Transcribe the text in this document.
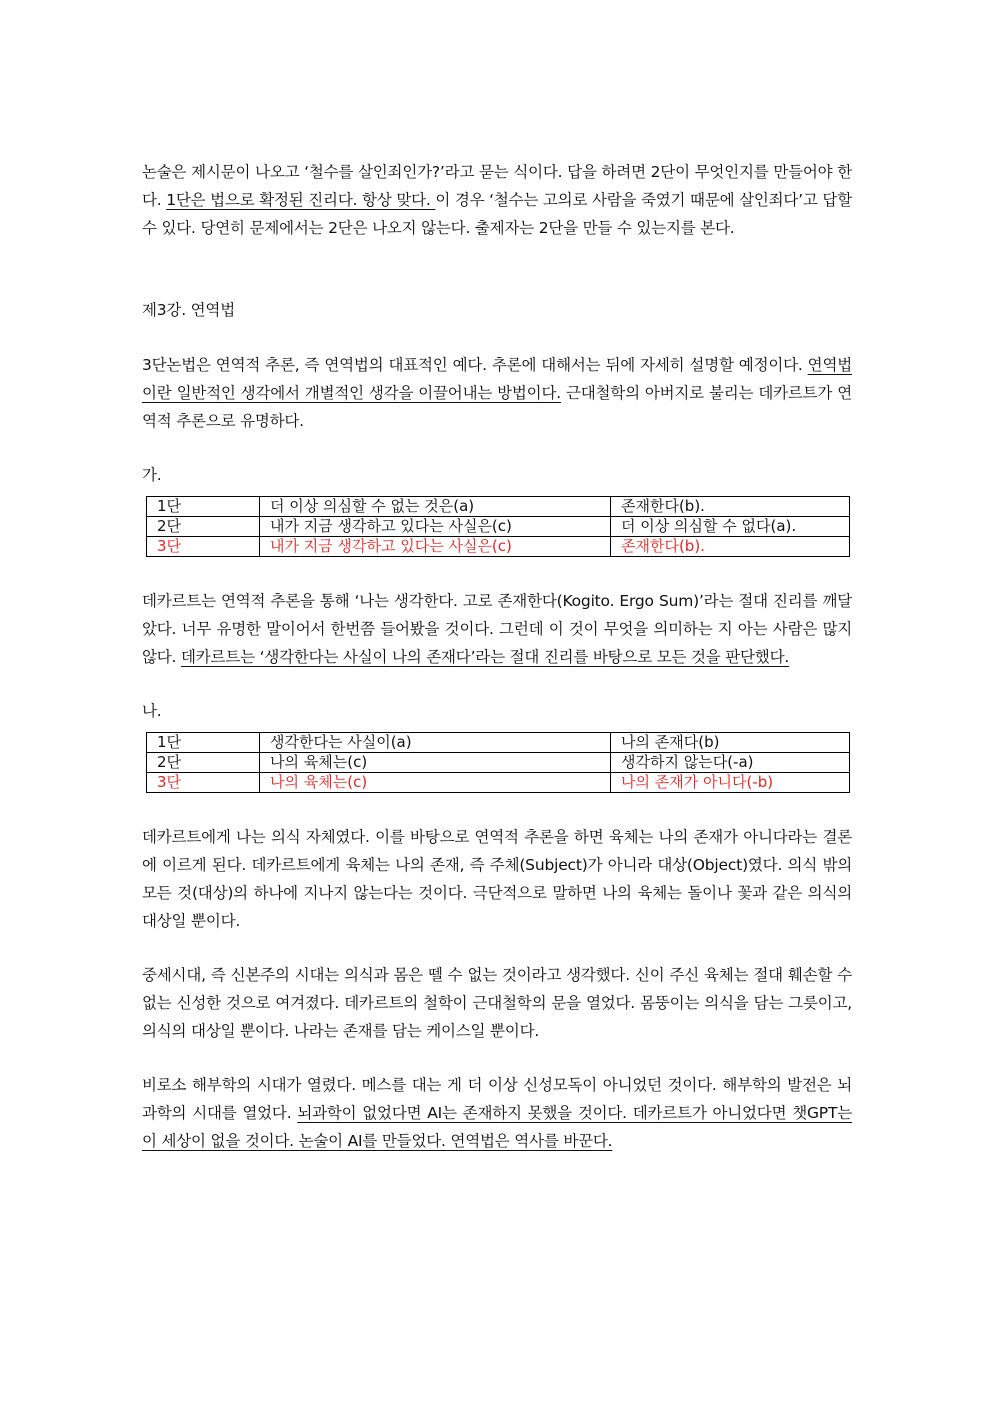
논술은 제시문이 나오고 ‘철수를 살인죄인가?’라고 묻는 식이다. 답을 하려면 2단이 무엇인지를 만들어야 한다. 1단은 법으로 확정된 진리다. 항상 맞다. 이 경우 ‘철수는 고의로 사람을 죽였기 때문에 살인죄다’고 답할 수 있다. 당연히 문제에서는 2단은 나오지 않는다. 출제자는 2단을 만들 수 있는지를 본다.

제3강. 연역법

3단논법은 연역적 추론, 즉 연역법의 대표적인 예다. 추론에 대해서는 뒤에 자세히 설명할 예정이다. 연역법이란 일반적인 생각에서 개별적인 생각을 이끌어내는 방법이다. 근대철학의 아버지로 불리는 데카르트가 연역적 추론으로 유명하다.

가.

1단	더 이상 의심할 수 없는 것은(a)	존재한다(b).
2단	내가 지금 생각하고 있다는 사실은(c)	더 이상 의심할 수 없다(a).
3단	내가 지금 생각하고 있다는 사실은(c)	존재한다(b).

데카르트는 연역적 추론을 통해 ‘나는 생각한다. 고로 존재한다(Kogito. Ergo Sum)’라는 절대 진리를 깨달았다. 너무 유명한 말이어서 한번쯤 들어봤을 것이다. 그런데 이 것이 무엇을 의미하는 지 아는 사람은 많지 않다. 데카르트는 ‘생각한다는 사실이 나의 존재다’라는 절대 진리를 바탕으로 모든 것을 판단했다.

나.

1단	생각한다는 사실이(a)	나의 존재다(b)
2단	나의 육체는(c)	생각하지 않는다(-a)
3단	나의 육체는(c)	나의 존재가 아니다(-b)

데카르트에게 나는 의식 자체였다. 이를 바탕으로 연역적 추론을 하면 육체는 나의 존재가 아니다라는 결론에 이르게 된다. 데카르트에게 육체는 나의 존재, 즉 주체(Subject)가 아니라 대상(Object)였다. 의식 밖의 모든 것(대상)의 하나에 지나지 않는다는 것이다. 극단적으로 말하면 나의 육체는 돌이나 꽃과 같은 의식의 대상일 뿐이다.

중세시대, 즉 신본주의 시대는 의식과 몸은 뗄 수 없는 것이라고 생각했다. 신이 주신 육체는 절대 훼손할 수 없는 신성한 것으로 여겨졌다. 데카르트의 철학이 근대철학의 문을 열었다. 몸뚱이는 의식을 담는 그릇이고, 의식의 대상일 뿐이다. 나라는 존재를 담는 케이스일 뿐이다.

비로소 해부학의 시대가 열렸다. 메스를 대는 게 더 이상 신성모독이 아니었던 것이다. 해부학의 발전은 뇌과학의 시대를 열었다. 뇌과학이 없었다면 AI는 존재하지 못했을 것이다. 데카르트가 아니었다면 챗GPT는 이 세상이 없을 것이다. 논술이 AI를 만들었다. 연역법은 역사를 바꾼다.
